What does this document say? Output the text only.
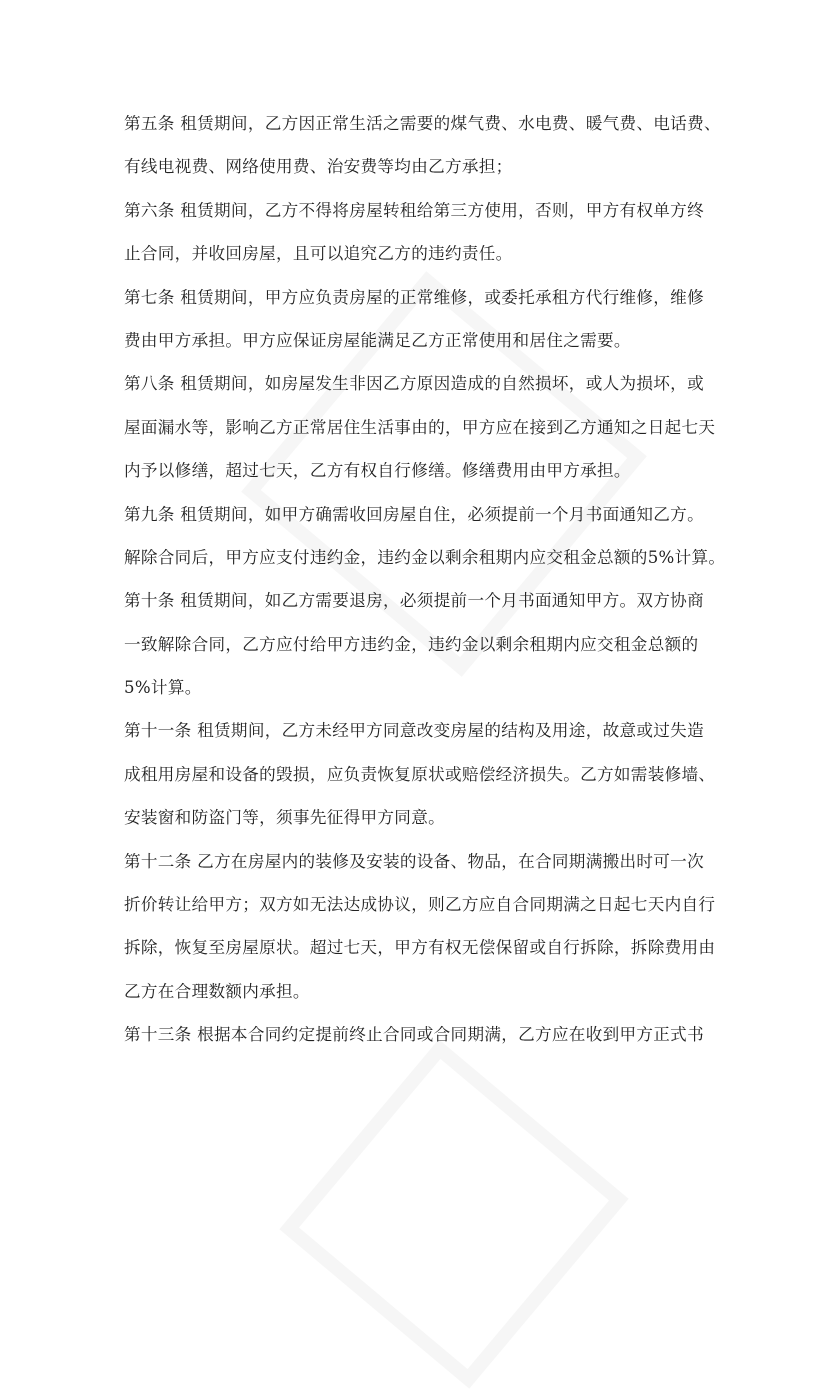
第五条 租赁期间，乙方因正常生活之需要的煤气费、水电费、暖气费、电话费、
有线电视费、网络使用费、治安费等均由乙方承担；
第六条 租赁期间，乙方不得将房屋转租给第三方使用，否则，甲方有权单方终
止合同，并收回房屋，且可以追究乙方的违约责任。
第七条 租赁期间，甲方应负责房屋的正常维修，或委托承租方代行维修，维修
费由甲方承担。甲方应保证房屋能满足乙方正常使用和居住之需要。
第八条 租赁期间，如房屋发生非因乙方原因造成的自然损坏，或人为损坏，或
屋面漏水等，影响乙方正常居住生活事由的，甲方应在接到乙方通知之日起七天
内予以修缮，超过七天，乙方有权自行修缮。修缮费用由甲方承担。
第九条 租赁期间，如甲方确需收回房屋自住，必须提前一个月书面通知乙方。
解除合同后，甲方应支付违约金，违约金以剩余租期内应交租金总额的5%计算。
第十条 租赁期间，如乙方需要退房，必须提前一个月书面通知甲方。双方协商
一致解除合同，乙方应付给甲方违约金，违约金以剩余租期内应交租金总额的
5%计算。
第十一条 租赁期间，乙方未经甲方同意改变房屋的结构及用途，故意或过失造
成租用房屋和设备的毁损，应负责恢复原状或赔偿经济损失。乙方如需装修墙、
安装窗和防盗门等，须事先征得甲方同意。
第十二条 乙方在房屋内的装修及安装的设备、物品，在合同期满搬出时可一次
折价转让给甲方；双方如无法达成协议，则乙方应自合同期满之日起七天内自行
拆除，恢复至房屋原状。超过七天，甲方有权无偿保留或自行拆除，拆除费用由
乙方在合理数额内承担。
第十三条 根据本合同约定提前终止合同或合同期满，乙方应在收到甲方正式书
